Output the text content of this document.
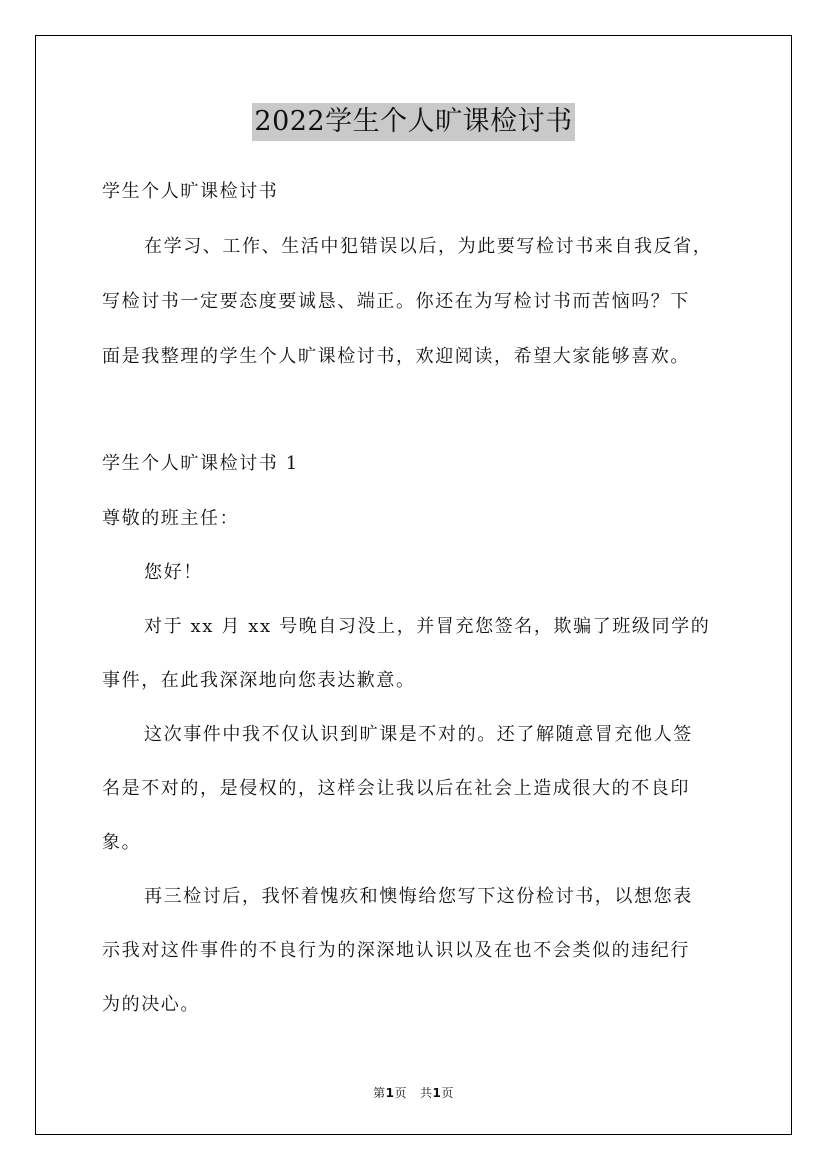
2022学生个人旷课检讨书

学生个人旷课检讨书

在学习、工作、生活中犯错误以后，为此要写检讨书来自我反省，

写检讨书一定要态度要诚恳、端正。你还在为写检讨书而苦恼吗？下

面是我整理的学生个人旷课检讨书，欢迎阅读，希望大家能够喜欢。

学生个人旷课检讨书 1

尊敬的班主任：

您好！

对于 xx 月 xx 号晚自习没上，并冒充您签名，欺骗了班级同学的

事件，在此我深深地向您表达歉意。

这次事件中我不仅认识到旷课是不对的。还了解随意冒充他人签

名是不对的，是侵权的，这样会让我以后在社会上造成很大的不良印

象。

再三检讨后，我怀着愧疚和懊悔给您写下这份检讨书，以想您表

示我对这件事件的不良行为的深深地认识以及在也不会类似的违纪行

为的决心。

第1页 共1页
